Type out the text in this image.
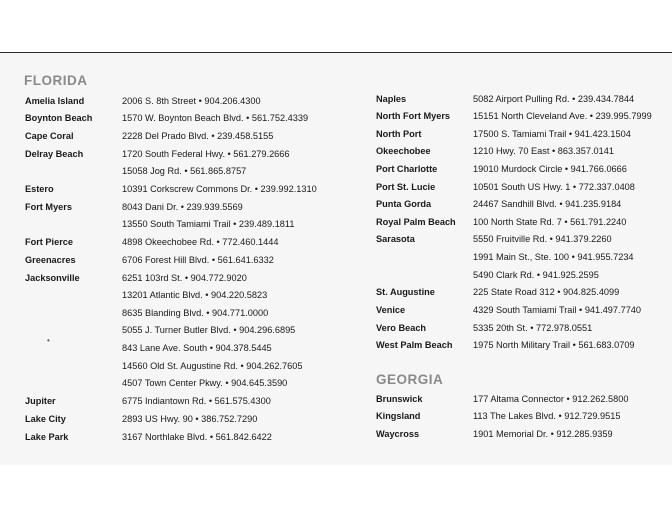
FLORIDA
Amelia Island	2006 S. 8th Street • 904.206.4300
Boynton Beach	1570 W. Boynton Beach Blvd. • 561.752.4339
Cape Coral	2228 Del Prado Blvd. • 239.458.5155
Delray Beach	1720 South Federal Hwy. • 561.279.2666
15058 Jog Rd. • 561.865.8757
Estero	10391 Corkscrew Commons Dr. • 239.992.1310
Fort Myers	8043 Dani Dr. • 239.939.5569
13550 South Tamiami Trail • 239.489.1811
Fort Pierce	4898 Okeechobee Rd. • 772.460.1444
Greenacres	6706 Forest Hill Blvd. • 561.641.6332
Jacksonville	6251 103rd St. • 904.772.9020
13201 Atlantic Blvd. • 904.220.5823
8635 Blanding Blvd. • 904.771.0000
5055 J. Turner Butler Blvd. • 904.296.6895
843 Lane Ave. South • 904.378.5445
14560 Old St. Augustine Rd. • 904.262.7605
4507 Town Center Pkwy. • 904.645.3590
Jupiter	6775 Indiantown Rd. • 561.575.4300
Lake City	2893 US Hwy. 90 • 386.752.7290
Lake Park	3167 Northlake Blvd. • 561.842.6422
Naples	5082 Airport Pulling Rd. • 239.434.7844
North Fort Myers 15151 North Cleveland Ave. • 239.995.7999
North Port	17500 S. Tamiami Trail • 941.423.1504
Okeechobee	1210 Hwy. 70 East • 863.357.0141
Port Charlotte	19010 Murdock Circle • 941.766.0666
Port St. Lucie	10501 South US Hwy. 1 • 772.337.0408
Punta Gorda	24467 Sandhill Blvd. • 941.235.9184
Royal Palm Beach 100 North State Rd. 7 • 561.791.2240
Sarasota	5550 Fruitville Rd. • 941.379.2260
1991 Main St., Ste. 100 • 941.955.7234
5490 Clark Rd. • 941.925.2595
St. Augustine	225 State Road 312 • 904.825.4099
Venice	4329 South Tamiami Trail • 941.497.7740
Vero Beach	5335 20th St. • 772.978.0551
West Palm Beach 1975 North Military Trail • 561.683.0709
GEORGIA
Brunswick	177 Altama Connector • 912.262.5800
Kingsland	113 The Lakes Blvd. • 912.729.9515
Waycross	1901 Memorial Dr. • 912.285.9359
•
